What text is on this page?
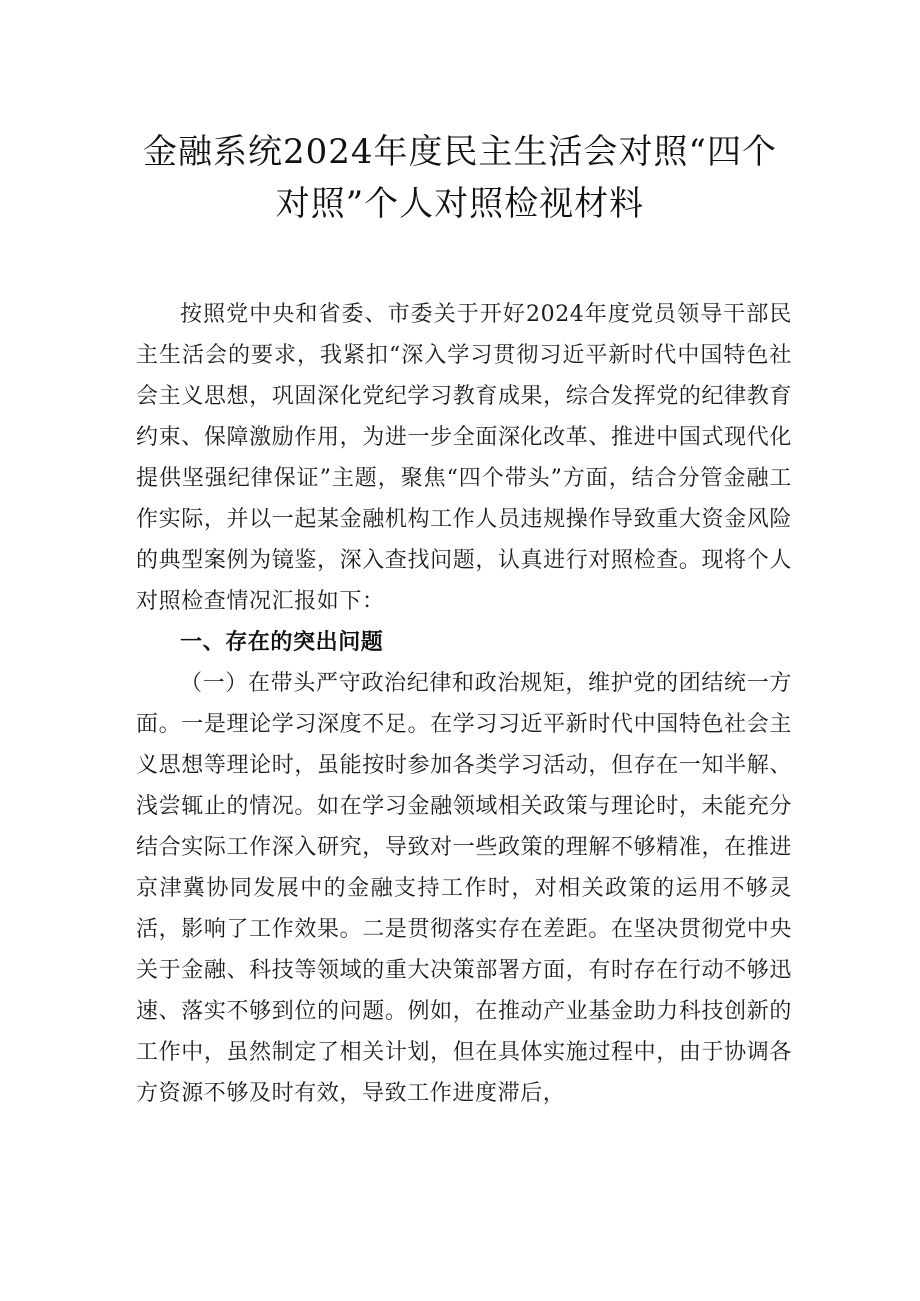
金融系统2024年度民主生活会对照“四个
对照”个人对照检视材料

按照党中央和省委、市委关于开好2024年度党员领导干部民主生活会的要求，我紧扣“深入学习贯彻习近平新时代中国特色社会主义思想，巩固深化党纪学习教育成果，综合发挥党的纪律教育约束、保障激励作用，为进一步全面深化改革、推进中国式现代化提供坚强纪律保证”主题，聚焦“四个带头”方面，结合分管金融工作实际，并以一起某金融机构工作人员违规操作导致重大资金风险的典型案例为镜鉴，深入查找问题，认真进行对照检查。现将个人对照检查情况汇报如下：

一、存在的突出问题

（一）在带头严守政治纪律和政治规矩，维护党的团结统一方面。一是理论学习深度不足。在学习习近平新时代中国特色社会主义思想等理论时，虽能按时参加各类学习活动，但存在一知半解、浅尝辄止的情况。如在学习金融领域相关政策与理论时，未能充分结合实际工作深入研究，导致对一些政策的理解不够精准，在推进京津冀协同发展中的金融支持工作时，对相关政策的运用不够灵活，影响了工作效果。二是贯彻落实存在差距。在坚决贯彻党中央关于金融、科技等领域的重大决策部署方面，有时存在行动不够迅速、落实不够到位的问题。例如，在推动产业基金助力科技创新的工作中，虽然制定了相关计划，但在具体实施过程中，由于协调各方资源不够及时有效，导致工作进度滞后，
